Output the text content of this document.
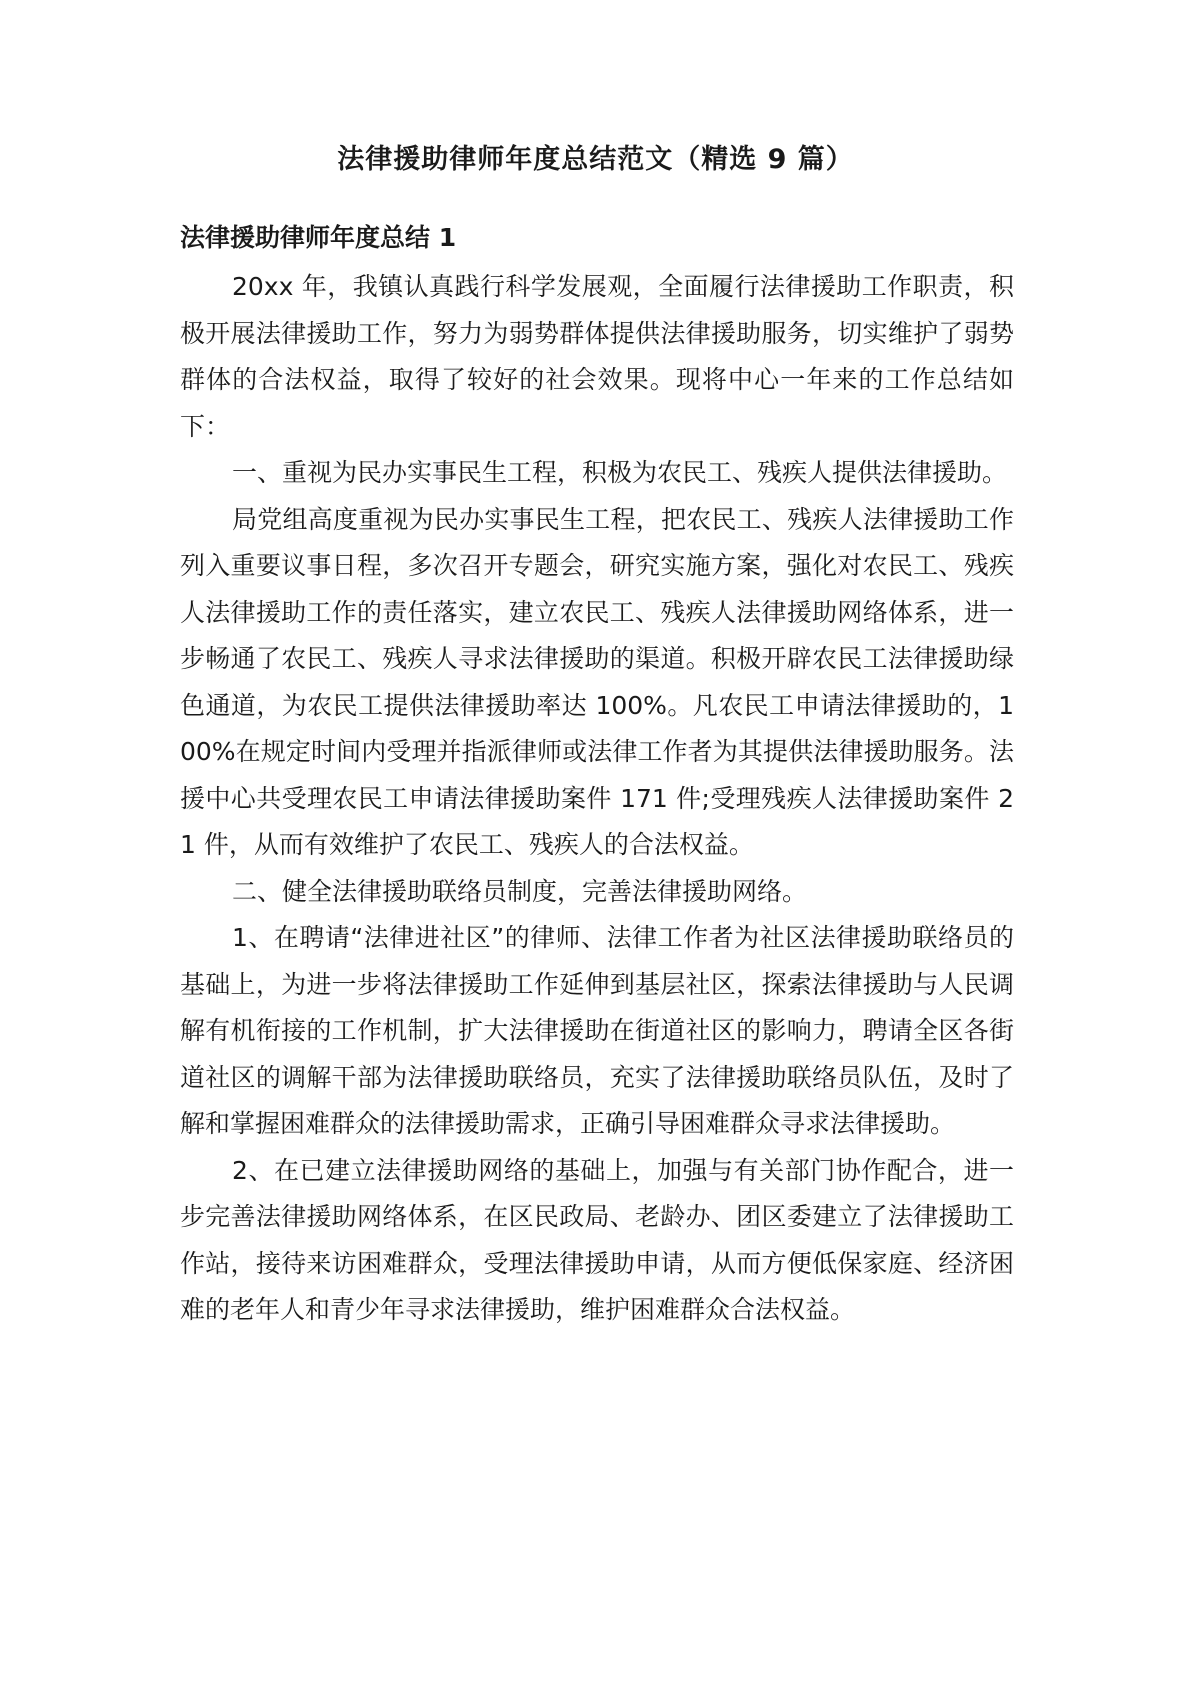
法律援助律师年度总结范文（精选 9 篇）
法律援助律师年度总结 1

20xx 年，我镇认真践行科学发展观，全面履行法律援助工作职责，积极开展法律援助工作，努力为弱势群体提供法律援助服务，切实维护了弱势群体的合法权益，取得了较好的社会效果。现将中心一年来的工作总结如下：

一、重视为民办实事民生工程，积极为农民工、残疾人提供法律援助。

局党组高度重视为民办实事民生工程，把农民工、残疾人法律援助工作列入重要议事日程，多次召开专题会，研究实施方案，强化对农民工、残疾人法律援助工作的责任落实，建立农民工、残疾人法律援助网络体系，进一步畅通了农民工、残疾人寻求法律援助的渠道。积极开辟农民工法律援助绿色通道，为农民工提供法律援助率达 100%。凡农民工申请法律援助的，100%在规定时间内受理并指派律师或法律工作者为其提供法律援助服务。法援中心共受理农民工申请法律援助案件 171 件;受理残疾人法律援助案件 21 件，从而有效维护了农民工、残疾人的合法权益。

二、健全法律援助联络员制度，完善法律援助网络。

1、在聘请“法律进社区”的律师、法律工作者为社区法律援助联络员的基础上，为进一步将法律援助工作延伸到基层社区，探索法律援助与人民调解有机衔接的工作机制，扩大法律援助在街道社区的影响力，聘请全区各街道社区的调解干部为法律援助联络员，充实了法律援助联络员队伍，及时了解和掌握困难群众的法律援助需求，正确引导困难群众寻求法律援助。

2、在已建立法律援助网络的基础上，加强与有关部门协作配合，进一步完善法律援助网络体系，在区民政局、老龄办、团区委建立了法律援助工作站，接待来访困难群众，受理法律援助申请，从而方便低保家庭、经济困难的老年人和青少年寻求法律援助，维护困难群众合法权益。
